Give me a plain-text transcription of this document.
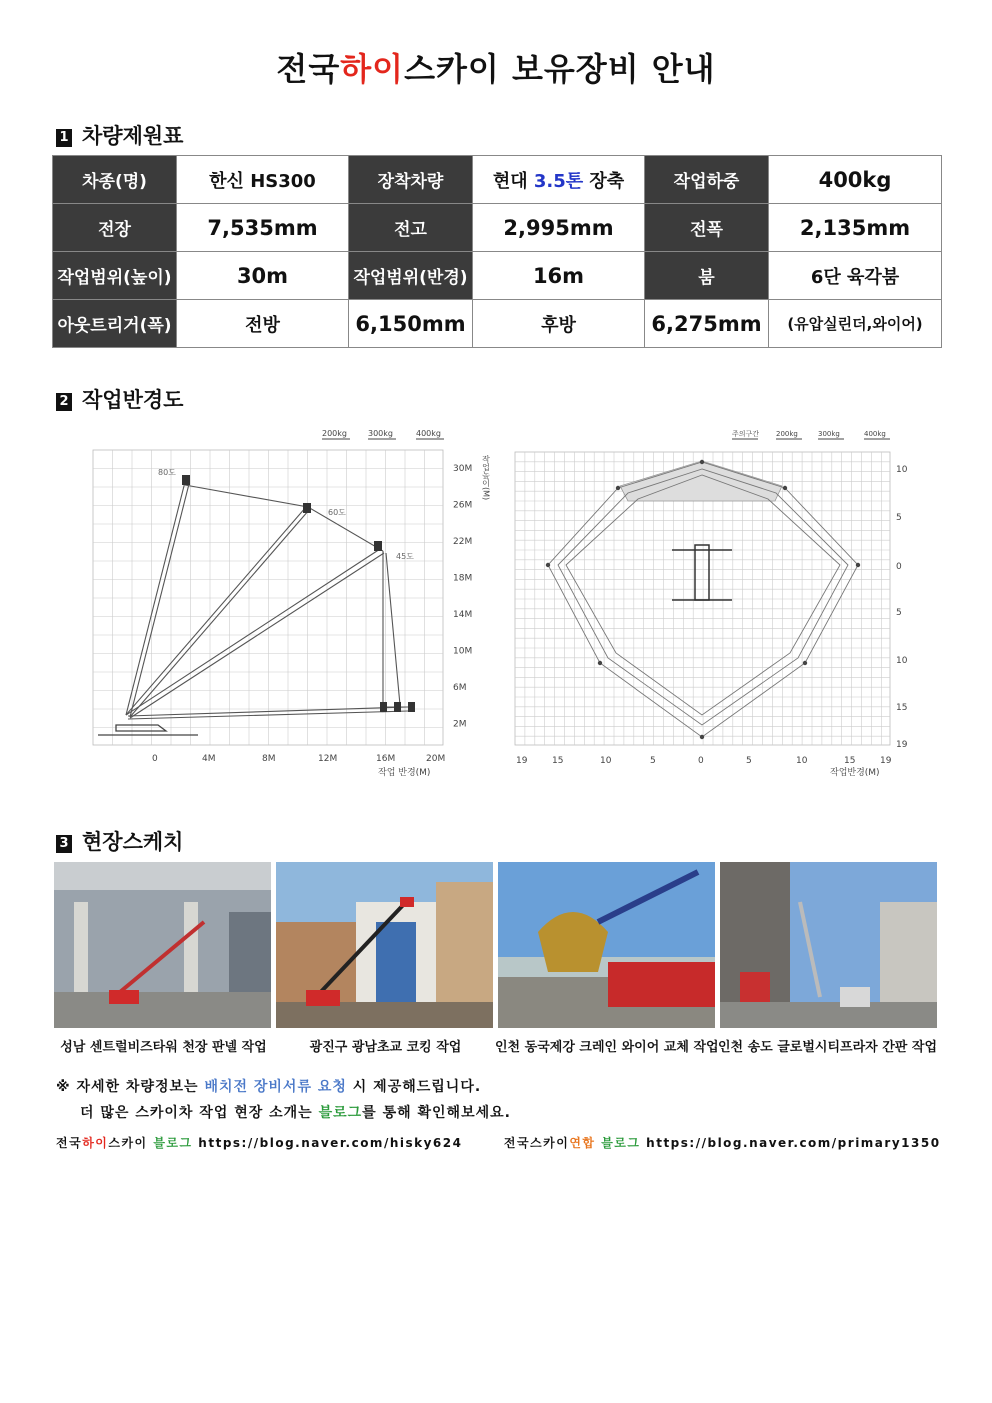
전국하이스카이 보유장비 안내
1 차량제원표
차종(명)	한신 HS300	장착차량	현대 3.5톤 장축	작업하중	400kg
전장	7,535mm	전고	2,995mm	전폭	2,135mm
작업범위(높이)	30m	작업범위(반경)	16m	붐	6단 육각붐
아웃트리거(폭)	전방	6,150mm	후방	6,275mm	(유압실린더,와이어)
2 작업반경도
200kg	300kg	400kg
80도
60도
45도
30M
26M
22M
18M
14M
10M
6M
2M
0	4M	8M	12M	16M	20M
작업 반경(M)
작업높이(M)
주의구간 200kg	300kg	400kg
10
5
0
5
10
15
19
19	15	10	5	0	5	10	15	19
작업반경(M)
3 현장스케치
성남 센트럴비즈타워 천장 판넬 작업	광진구 광남초교 코킹 작업	인천 동국제강 크레인 와이어 교체 작업 인천 송도 글로벌시티프라자 간판 작업
※ 자세한 차량정보는 배치전 장비서류 요청 시 제공해드립니다.
더 많은 스카이차 작업 현장 소개는 블로그를 통해 확인해보세요.
전국하이스카이 블로그 https://blog.naver.com/hisky624	전국스카이연합 블로그 https://blog.naver.com/primary1350
